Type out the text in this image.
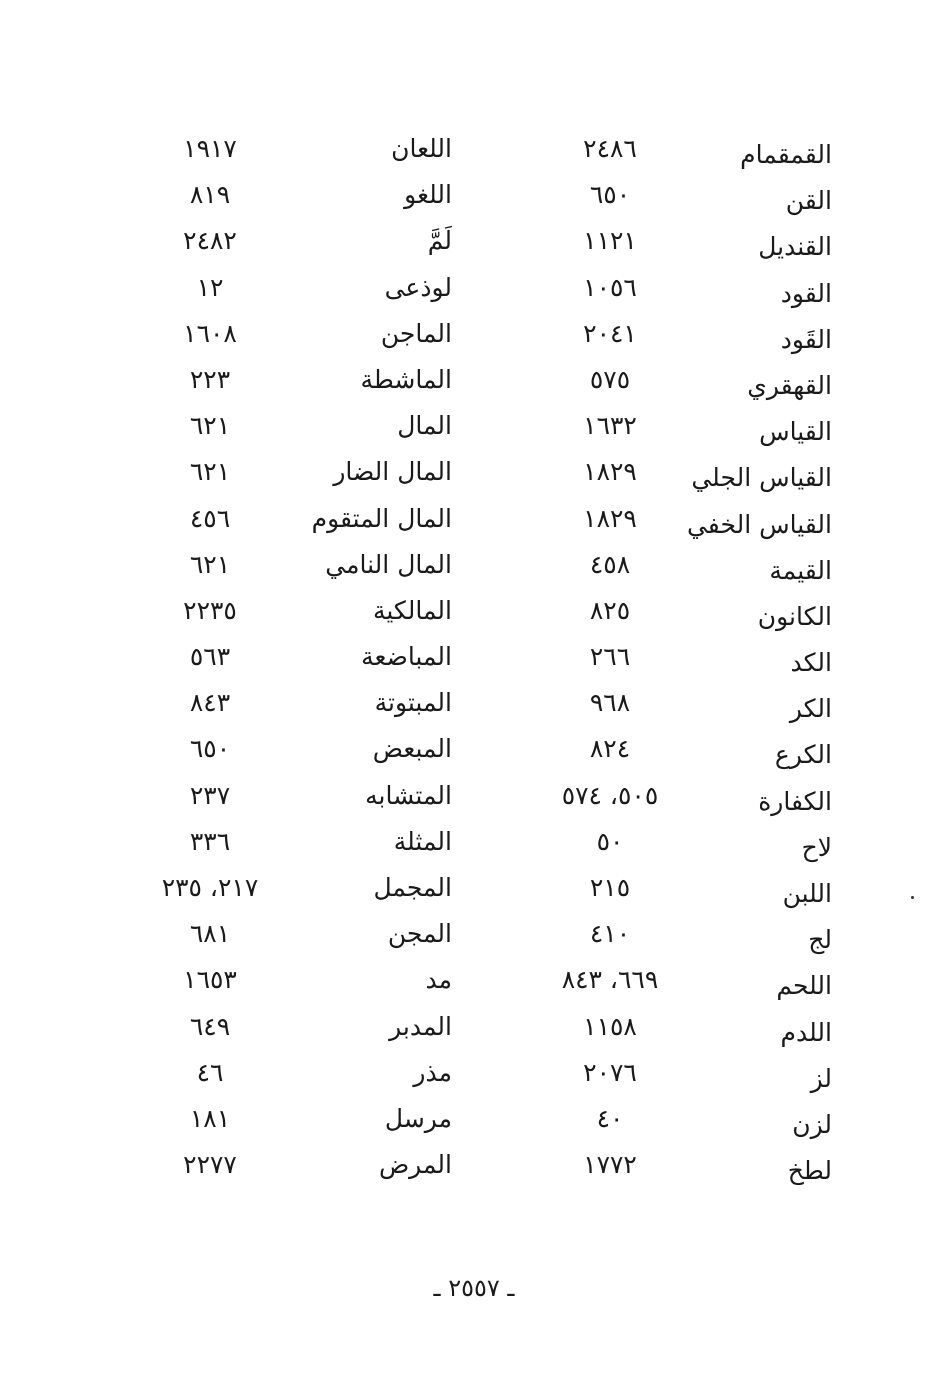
القمقمام
٢٤٨٦
اللعان
١٩١٧
القن
٦٥٠
اللغو
٨١٩
القنديل
١١٢١
لَمَّ
٢٤٨٢
القود
١٠٥٦
لوذعى
١٢
القَود
٢٠٤١
الماجن
١٦٠٨
القهقري
٥٧٥
الماشطة
٢٢٣
القياس
١٦٣٢
المال
٦٢١
القياس الجلي
١٨٢٩
المال الضار
٦٢١
القياس الخفي
١٨٢٩
المال المتقوم
٤٥٦
القيمة
٤٥٨
المال النامي
٦٢١
الكانون
٨٢٥
المالكية
٢٢٣٥
الكد
٢٦٦
المباضعة
٥٦٣
الكر
٩٦٨
المبتوتة
٨٤٣
الكرع
٨٢٤
المبعض
٦٥٠
الكفارة
٥٠٥، ٥٧٤
المتشابه
٢٣٧
لاح
٥٠
المثلة
٣٣٦
اللبن
٢١٥
المجمل
٢١٧، ٢٣٥
لج
٤١٠
المجن
٦٨١
اللحم
٦٦٩، ٨٤٣
مد
١٦٥٣
اللدم
١١٥٨
المدبر
٦٤٩
لز
٢٠٧٦
مذر
٤٦
لزن
٤٠
مرسل
١٨١
لطخ
١٧٧٢
المرض
٢٢٧٧
ـ ٢٥٥٧ ـ
